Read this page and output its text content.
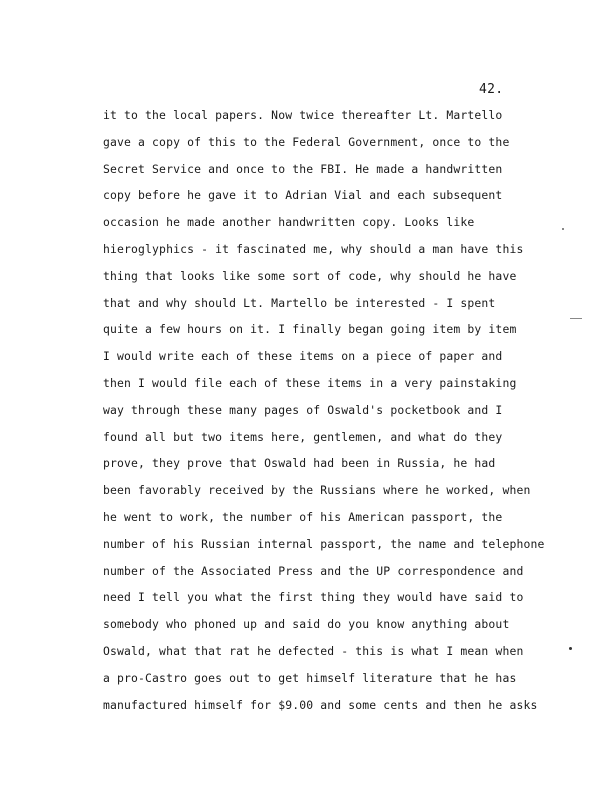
42.
it to the local papers. Now twice thereafter Lt. Martello
gave a copy of this to the Federal Government, once to the
Secret Service and once to the FBI. He made a handwritten
copy before he gave it to Adrian Vial and each subsequent
occasion he made another handwritten copy. Looks like
hieroglyphics - it fascinated me, why should a man have this
thing that looks like some sort of code, why should he have
that and why should Lt. Martello be interested - I spent
quite a few hours on it. I finally began going item by item
I would write each of these items on a piece of paper and
then I would file each of these items in a very painstaking
way through these many pages of Oswald's pocketbook and I
found all but two items here, gentlemen, and what do they
prove, they prove that Oswald had been in Russia, he had
been favorably received by the Russians where he worked, when
he went to work, the number of his American passport, the
number of his Russian internal passport, the name and telephone
number of the Associated Press and the UP correspondence and
need I tell you what the first thing they would have said to
somebody who phoned up and said do you know anything about
Oswald, what that rat he defected - this is what I mean when
a pro-Castro goes out to get himself literature that he has
manufactured himself for $9.00 and some cents and then he asks
